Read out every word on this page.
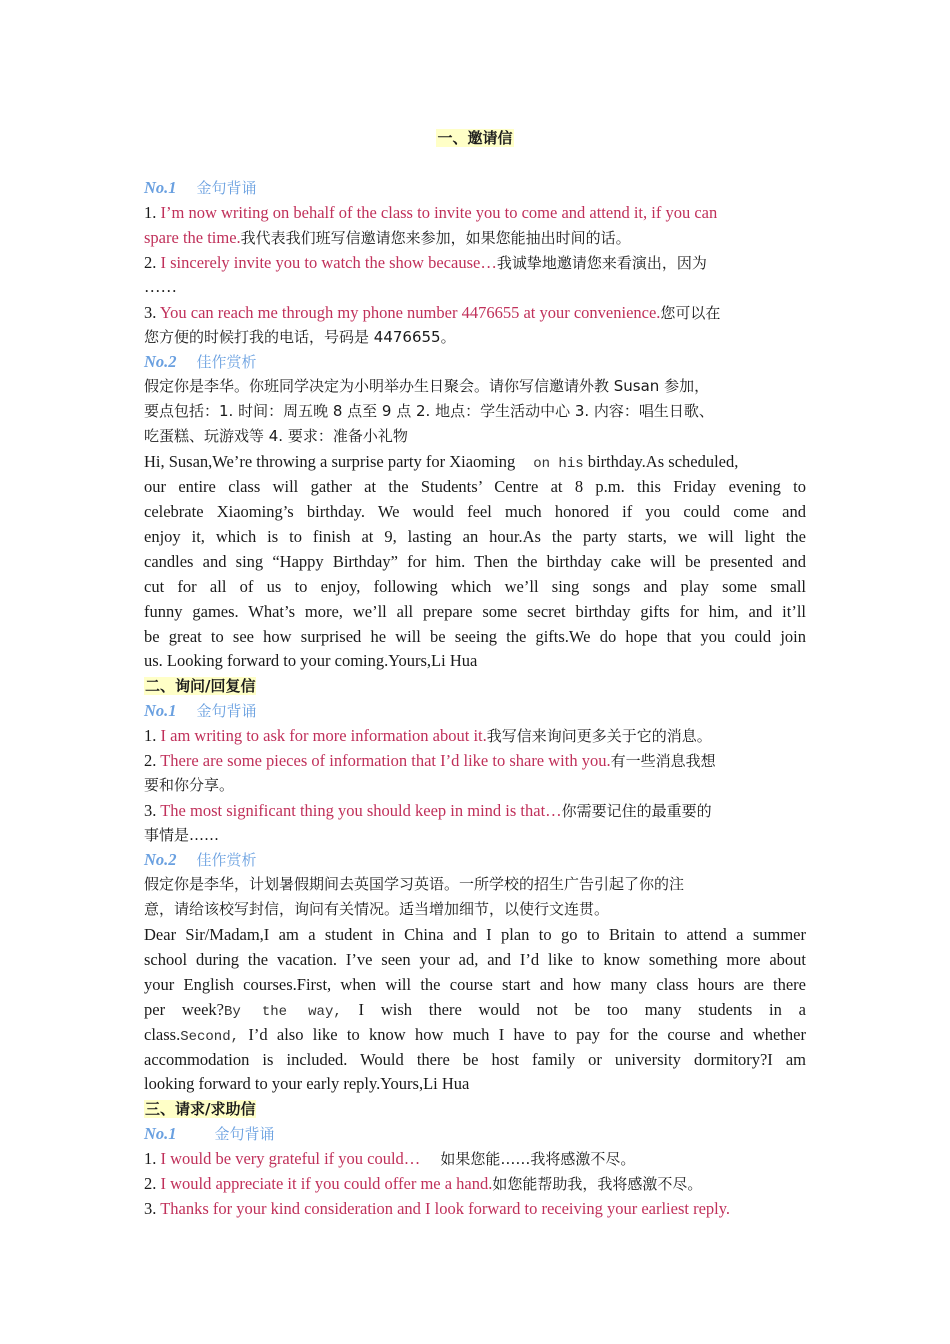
一、邀请信
No.1 金句背诵
1. I’m now writing on behalf of the class to invite you to come and attend it, if you can
spare the time.我代表我们班写信邀请您来参加，如果您能抽出时间的话。
2. I sincerely invite you to watch the show because…我诚挚地邀请您来看演出，因为
……
3. You can reach me through my phone number 4476655 at your convenience.您可以在
您方便的时候打我的电话，号码是 4476655。
No.2 佳作赏析
假定你是李华。你班同学决定为小明举办生日聚会。请你写信邀请外教 Susan 参加，
要点包括：1. 时间：周五晚 8 点至 9 点 2. 地点：学生活动中心 3. 内容：唱生日歌、
吃蛋糕、玩游戏等 4. 要求：准备小礼物
Hi, Susan,We’re throwing a surprise party for Xiaoming on his birthday.As scheduled,
our entire class will gather at the Students’ Centre at 8 p.m. this Friday evening to
celebrate Xiaoming’s birthday. We would feel much honored if you could come and
enjoy it, which is to finish at 9, lasting an hour.As the party starts, we will light the
candles and sing “Happy Birthday” for him. Then the birthday cake will be presented and
cut for all of us to enjoy, following which we’ll sing songs and play some small
funny games. What’s more, we’ll all prepare some secret birthday gifts for him, and it’ll
be great to see how surprised he will be seeing the gifts.We do hope that you could join
us. Looking forward to your coming.Yours,Li Hua
二、询问/回复信
No.1 金句背诵
1. I am writing to ask for more information about it.我写信来询问更多关于它的消息。
2. There are some pieces of information that I’d like to share with you.有一些消息我想
要和你分享。
3. The most significant thing you should keep in mind is that…你需要记住的最重要的
事情是……
No.2 佳作赏析
假定你是李华，计划暑假期间去英国学习英语。一所学校的招生广告引起了你的注
意，请给该校写封信，询问有关情况。适当增加细节，以使行文连贯。
Dear Sir/Madam,I am a student in China and I plan to go to Britain to attend a summer
school during the vacation. I’ve seen your ad, and I’d like to know something more about
your English courses.First, when will the course start and how many class hours are there
per week?By the way, I wish there would not be too many students in a
class.Second, I’d also like to know how much I have to pay for the course and whether
accommodation is included. Would there be host family or university dormitory?I am
looking forward to your early reply.Yours,Li Hua
三、请求/求助信
No.1	金句背诵
1. I would be very grateful if you could… 如果您能……我将感激不尽。
2. I would appreciate it if you could offer me a hand.如您能帮助我，我将感激不尽。
3. Thanks for your kind consideration and I look forward to receiving your earliest reply.
